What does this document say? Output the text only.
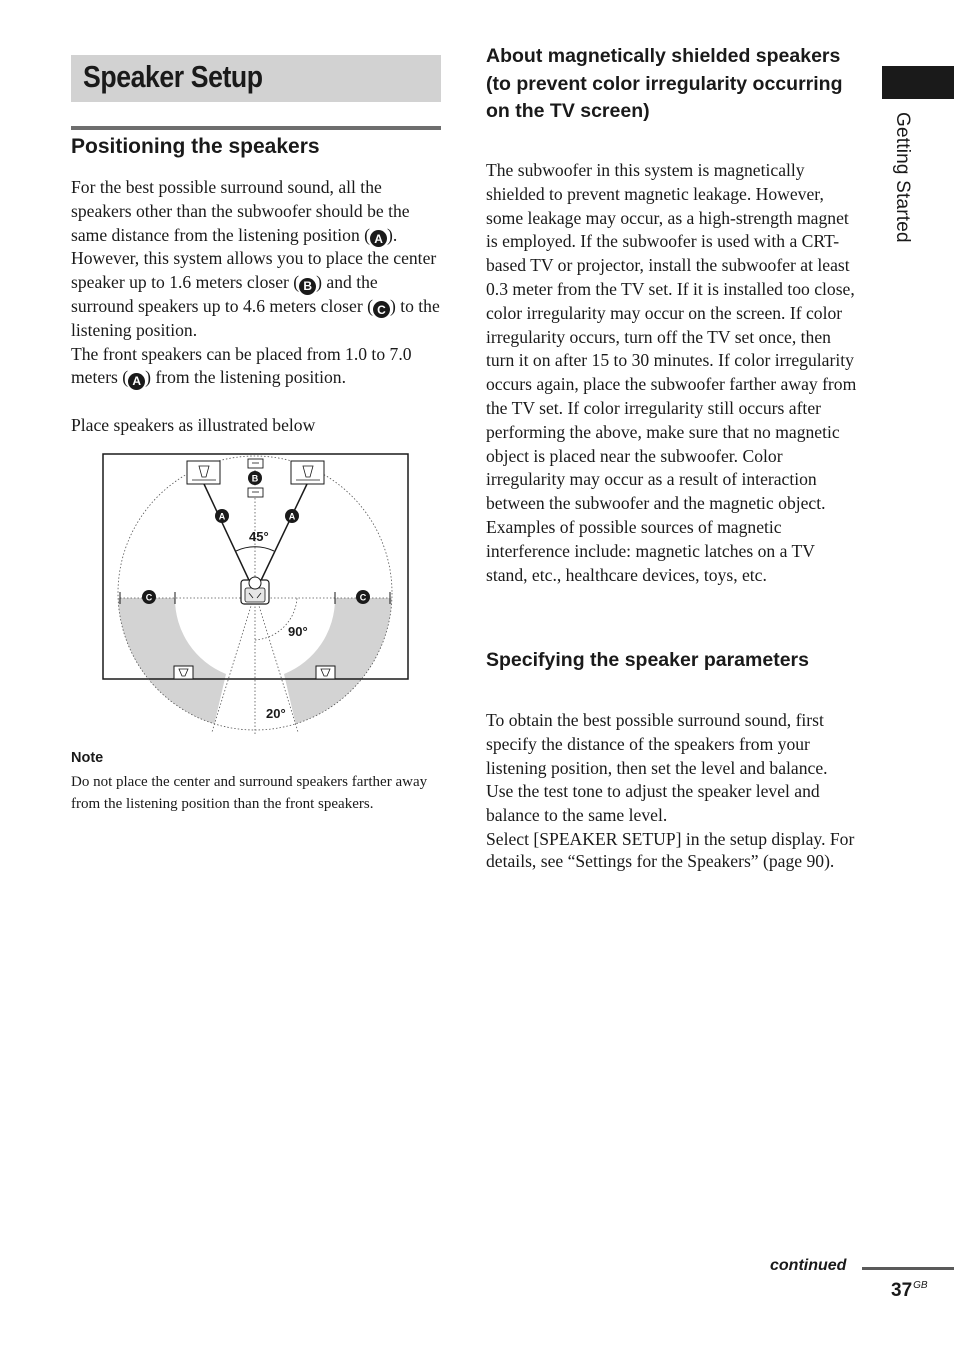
Speaker Setup
Positioning the speakers

For the best possible surround sound, all the speakers other than the subwoofer should be the same distance from the listening position ( A ). However, this system allows you to place the center speaker up to 1.6 meters closer ( B ) and the surround speakers up to 4.6 meters closer ( C ) to the listening position.

The front speakers can be placed from 1.0 to 7.0 meters ( A ) from the listening position.

Place speakers as illustrated below

B
A	A
C	C
45°
90°
20°
Note

Do not place the center and surround speakers farther away from the listening position than the front speakers.

About magnetically shielded speakers (to prevent color irregularity occurring on the TV screen)

The subwoofer in this system is magnetically shielded to prevent magnetic leakage. However, some leakage may occur, as a high-strength magnet is employed. If the subwoofer is used with a CRT-based TV or projector, install the subwoofer at least 0.3 meter from the TV set. If it is installed too close, color irregularity may occur on the screen. If color irregularity occurs, turn off the TV set once, then turn it on after 15 to 30 minutes. If color irregularity occurs again, place the subwoofer farther away from the TV set. If color irregularity still occurs after performing the above, make sure that no magnetic object is placed near the subwoofer. Color irregularity may occur as a result of interaction between the subwoofer and the magnetic object.

Examples of possible sources of magnetic interference include: magnetic latches on a TV stand, etc., healthcare devices, toys, etc.

Specifying the speaker parameters

To obtain the best possible surround sound, first specify the distance of the speakers from your listening position, then set the level and balance. Use the test tone to adjust the speaker level and balance to the same level.

Select [SPEAKER SETUP] in the setup display. For details, see “Settings for the Speakers” (page 90).

Getting Started
continued
$37^{GB}$
